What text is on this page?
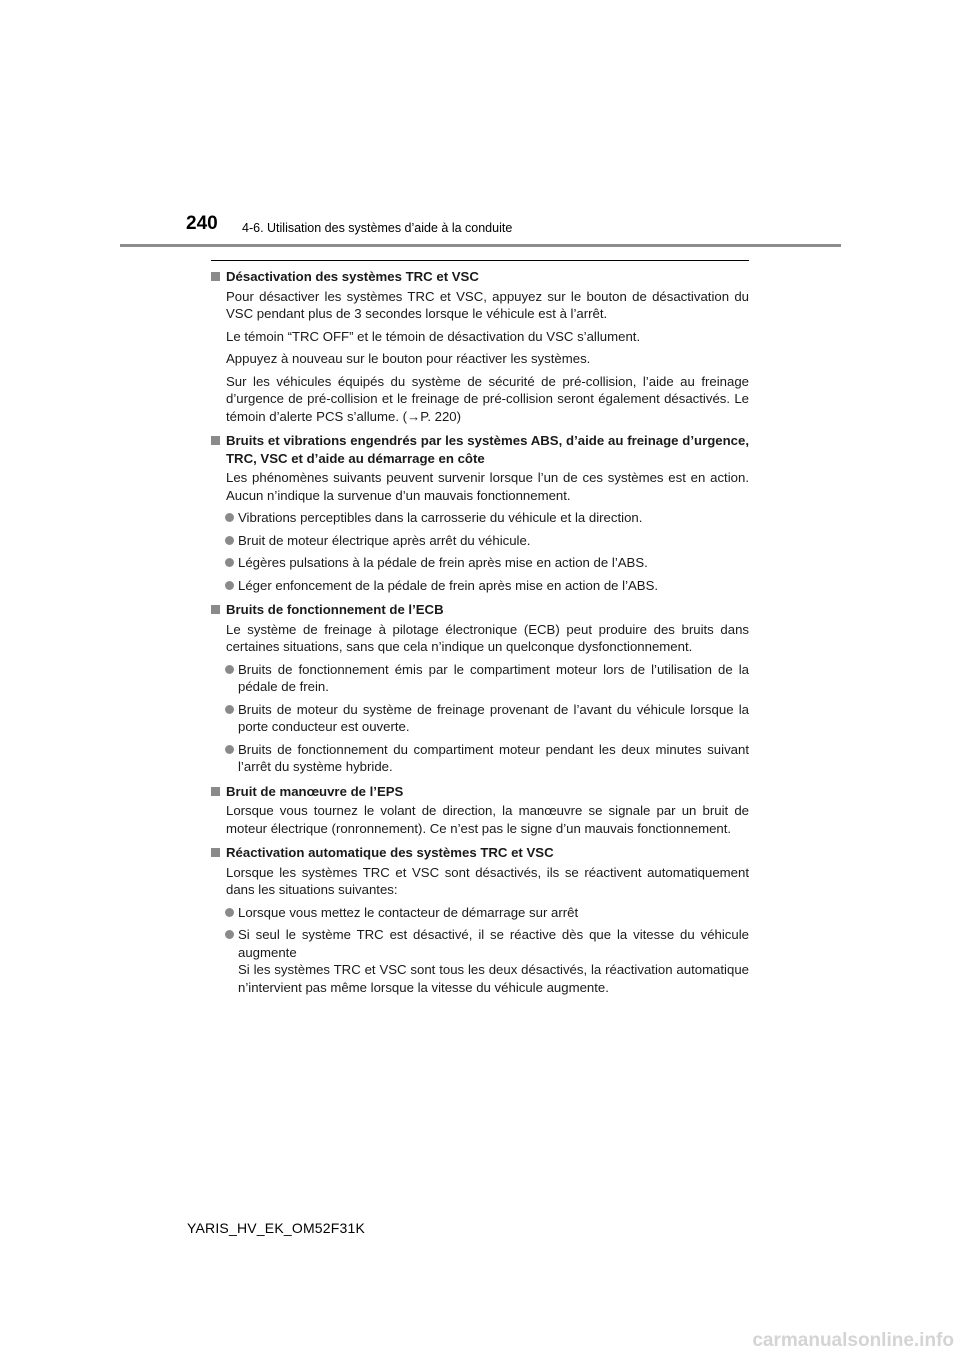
240 4-6. Utilisation des systèmes d’aide à la conduite
Désactivation des systèmes TRC et VSC
Pour désactiver les systèmes TRC et VSC, appuyez sur le bouton de désactivation du VSC pendant plus de 3 secondes lorsque le véhicule est à l’arrêt.
Le témoin “TRC OFF” et le témoin de désactivation du VSC s’allument.
Appuyez à nouveau sur le bouton pour réactiver les systèmes.
Sur les véhicules équipés du système de sécurité de pré-collision, l’aide au freinage d’urgence de pré-collision et le freinage de pré-collision seront également désactivés. Le témoin d’alerte PCS s’allume. (→P. 220)
Bruits et vibrations engendrés par les systèmes ABS, d’aide au freinage d’urgence, TRC, VSC et d’aide au démarrage en côte
Les phénomènes suivants peuvent survenir lorsque l’un de ces systèmes est en action. Aucun n’indique la survenue d’un mauvais fonctionnement.
Vibrations perceptibles dans la carrosserie du véhicule et la direction.
Bruit de moteur électrique après arrêt du véhicule.
Légères pulsations à la pédale de frein après mise en action de l’ABS.
Léger enfoncement de la pédale de frein après mise en action de l’ABS.
Bruits de fonctionnement de l’ECB
Le système de freinage à pilotage électronique (ECB) peut produire des bruits dans certaines situations, sans que cela n’indique un quelconque dysfonctionnement.
Bruits de fonctionnement émis par le compartiment moteur lors de l’utilisation de la pédale de frein.
Bruits de moteur du système de freinage provenant de l’avant du véhicule lorsque la porte conducteur est ouverte.
Bruits de fonctionnement du compartiment moteur pendant les deux minutes suivant l’arrêt du système hybride.
Bruit de manœuvre de l’EPS
Lorsque vous tournez le volant de direction, la manœuvre se signale par un bruit de moteur électrique (ronronnement). Ce n’est pas le signe d’un mauvais fonctionnement.
Réactivation automatique des systèmes TRC et VSC
Lorsque les systèmes TRC et VSC sont désactivés, ils se réactivent automatiquement dans les situations suivantes:
Lorsque vous mettez le contacteur de démarrage sur arrêt
Si seul le système TRC est désactivé, il se réactive dès que la vitesse du véhicule augmente
Si les systèmes TRC et VSC sont tous les deux désactivés, la réactivation automatique n’intervient pas même lorsque la vitesse du véhicule augmente.
YARIS_HV_EK_OM52F31K
carmanualsonline.info
